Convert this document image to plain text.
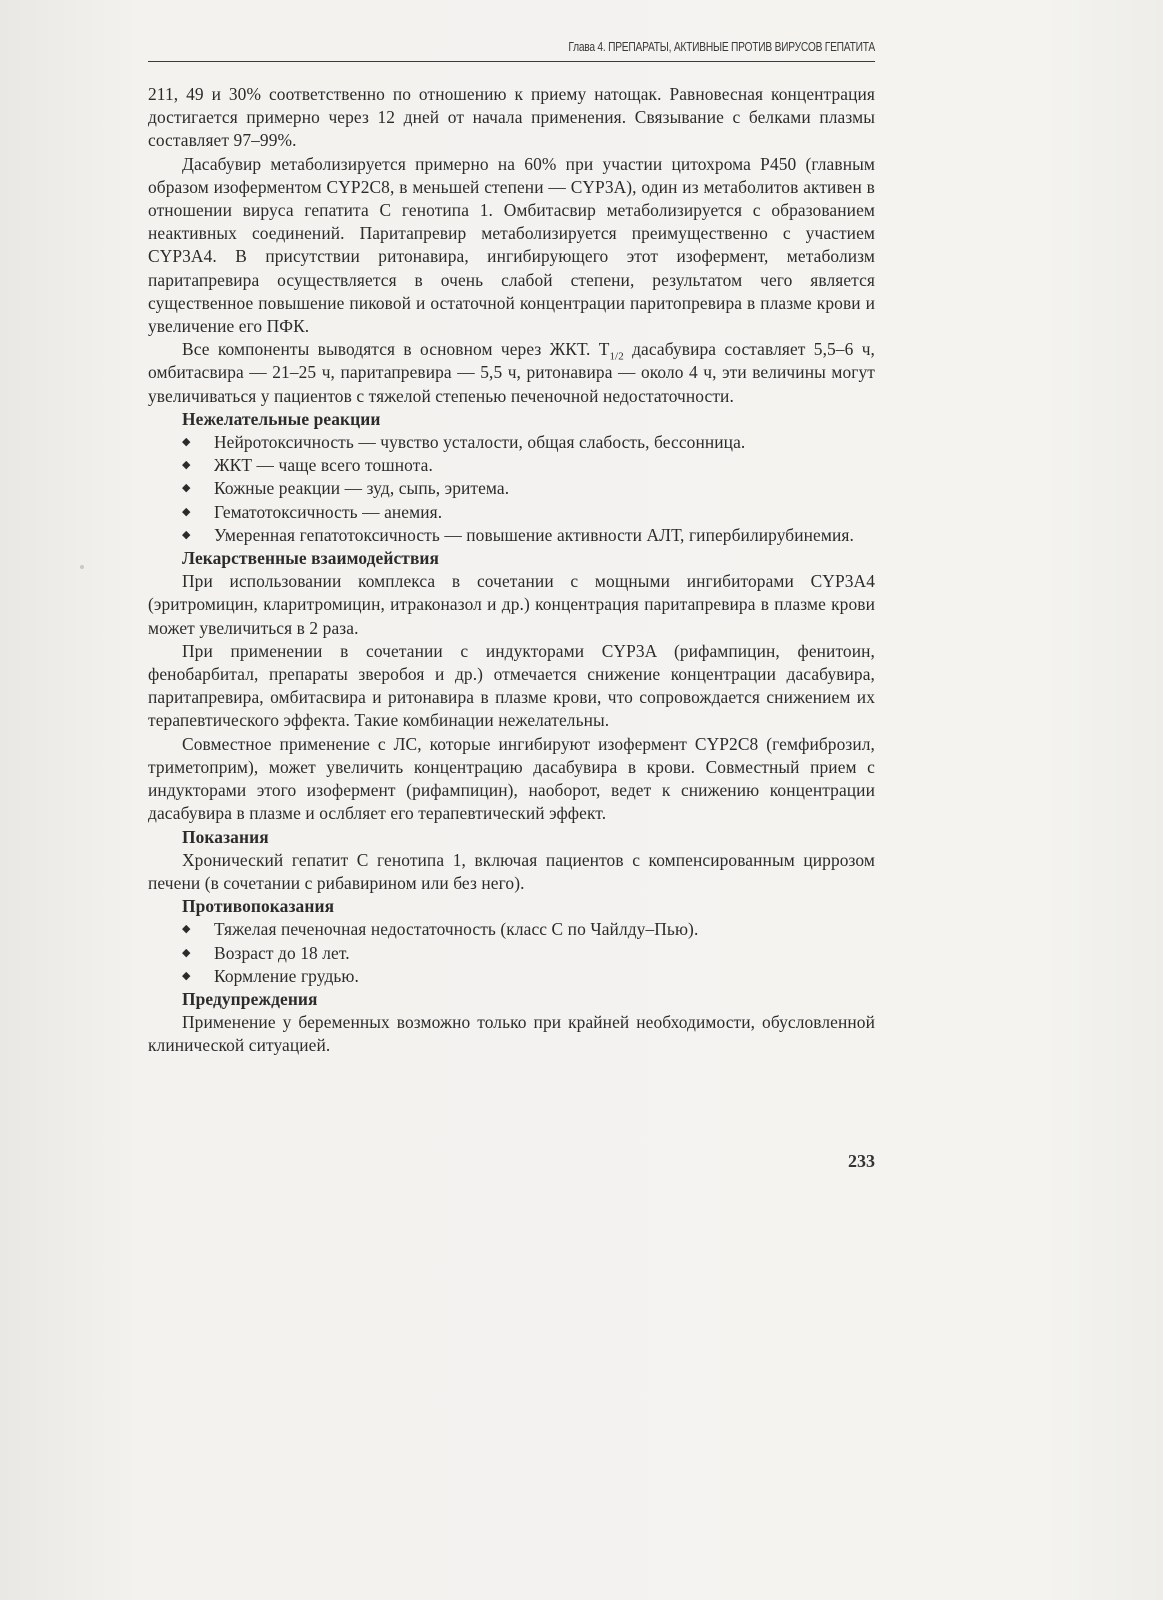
Глава 4. ПРЕПАРАТЫ, АКТИВНЫЕ ПРОТИВ ВИРУСОВ ГЕПАТИТА

211, 49 и 30% соответственно по отношению к приему натощак. Равновесная концентрация достигается примерно через 12 дней от начала применения. Связывание с белками плазмы составляет 97–99%.

Дасабувир метаболизируется примерно на 60% при участии цитохрома P450 (главным образом изоферментом CYP2C8, в меньшей степени — CYP3A), один из метаболитов активен в отношении вируса гепатита C генотипа 1. Омбитасвир метаболизируется с образованием неактивных соединений. Паритапревир метаболизируется преимущественно с участием CYP3A4. В присутствии ритонавира, ингибирующего этот изофермент, метаболизм паритапревира осуществляется в очень слабой степени, результатом чего является существенное повышение пиковой и остаточной концентрации паритопревира в плазме крови и увеличение его ПФК.

Все компоненты выводятся в основном через ЖКТ. $T_{1/2}$ дасабувира составляет 5,5–6 ч, омбитасвира — 21–25 ч, паритапревира — 5,5 ч, ритонавира — около 4 ч, эти величины могут увеличиваться у пациентов с тяжелой степенью печеночной недостаточности.

Нежелательные реакции
◆ Нейротоксичность — чувство усталости, общая слабость, бессонница.
◆ ЖКТ — чаще всего тошнота.
◆ Кожные реакции — зуд, сыпь, эритема.
◆ Гематотоксичность — анемия.
◆ Умеренная гепатотоксичность — повышение активности АЛТ, гипербилирубинемия.
Лекарственные взаимодействия

При использовании комплекса в сочетании с мощными ингибиторами CYP3A4 (эритромицин, кларитромицин, итраконазол и др.) концентрация паритапревира в плазме крови может увеличиться в 2 раза.

При применении в сочетании с индукторами CYP3A (рифампицин, фенитоин, фенобарбитал, препараты зверобоя и др.) отмечается снижение концентрации дасабувира, паритапревира, омбитасвира и ритонавира в плазме крови, что сопровождается снижением их терапевтического эффекта. Такие комбинации нежелательны.

Совместное применение с ЛС, которые ингибируют изофермент CYP2C8 (гемфиброзил, триметоприм), может увеличить концентрацию дасабувира в крови. Совместный прием с индукторами этого изофермент (рифампицин), наоборот, ведет к снижению концентрации дасабувира в плазме и ослбляет его терапевтический эффект.

Показания

Хронический гепатит C генотипа 1, включая пациентов с компенсированным циррозом печени (в сочетании с рибавирином или без него).

Противопоказания
◆ Тяжелая печеночная недостаточность (класс C по Чайлду–Пью).
◆ Возраст до 18 лет.
◆ Кормление грудью.
Предупреждения

Применение у беременных возможно только при крайней необходимости, обусловленной клинической ситуацией.

233
